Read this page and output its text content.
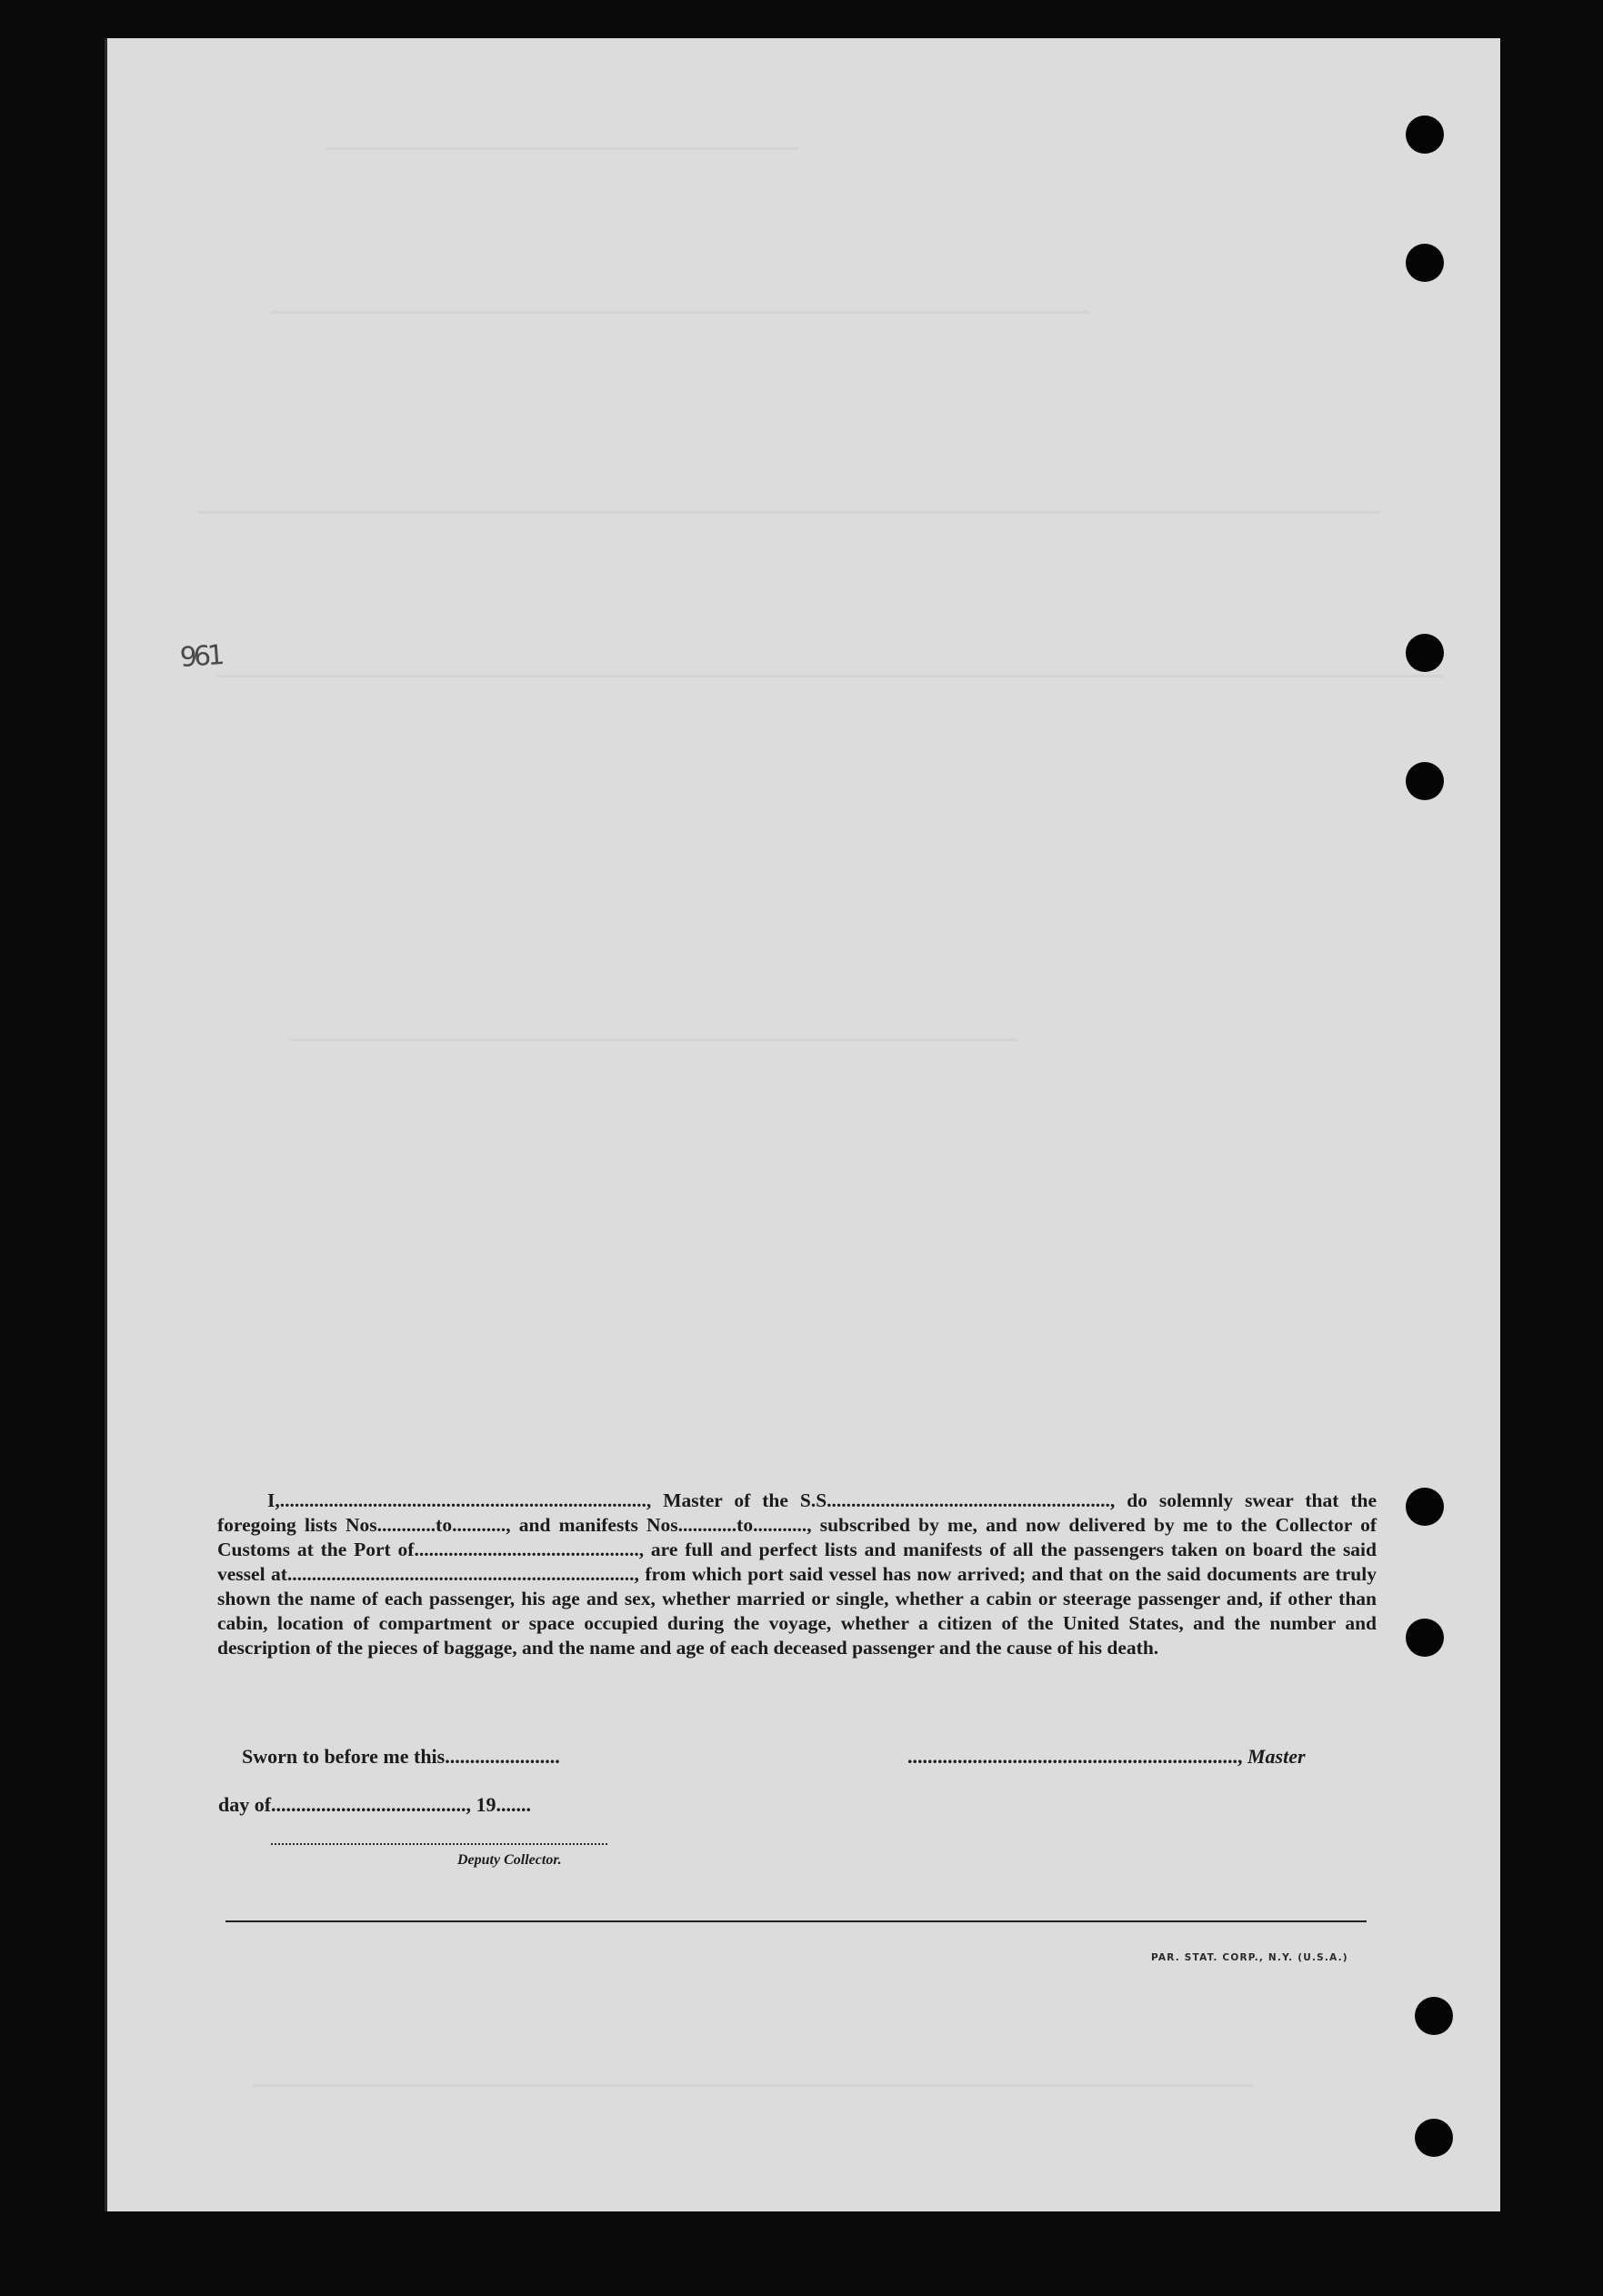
961

I,..........................................................................., Master of the S.S.........................................................., do solemnly swear that the foregoing lists Nos............to..........., and manifests Nos............to..........., subscribed by me, and now delivered by me to the Collector of Customs at the Port of.............................................., are full and perfect lists and manifests of all the passengers taken on board the said vessel at......................................................................., from which port said vessel has now arrived; and that on the said documents are truly shown the name of each passenger, his age and sex, whether married or single, whether a cabin or steerage passenger and, if other than cabin, location of compartment or space occupied during the voyage, whether a citizen of the United States, and the number and description of the pieces of baggage, and the name and age of each deceased passenger and the cause of his death.

Sworn to before me this.......................	.................................................................., Master
day of......................................., 19.......
Deputy Collector.
PAR. STAT. CORP., N.Y. (U.S.A.)
